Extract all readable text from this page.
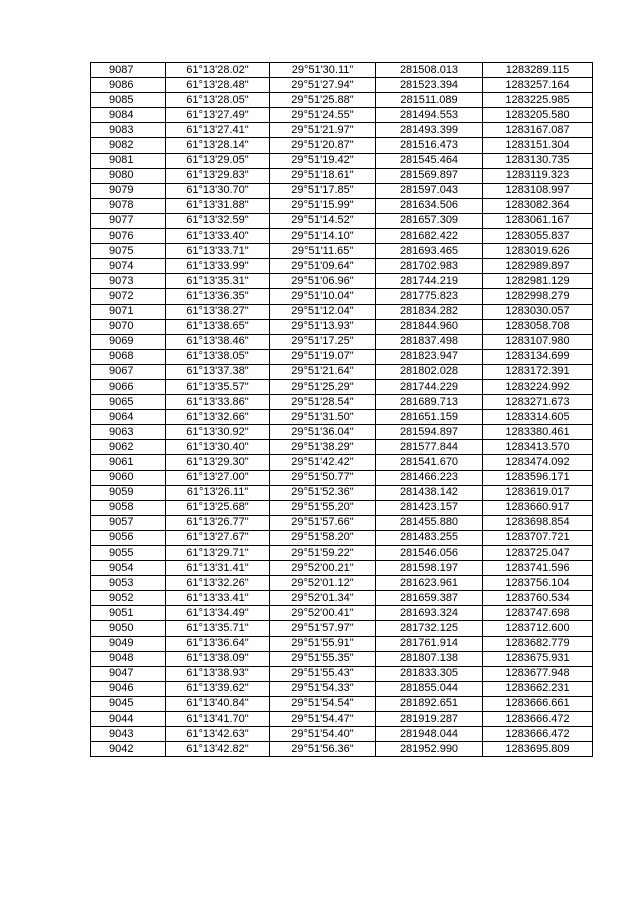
9087	61°13'28.02"	29°51'30.11"	281508.013	1283289.115
9086	61°13'28.48"	29°51'27.94"	281523.394	1283257.164
9085	61°13'28.05"	29°51'25.88"	281511.089	1283225.985
9084	61°13'27.49"	29°51'24.55"	281494.553	1283205.580
9083	61°13'27.41"	29°51'21.97"	281493.399	1283167.087
9082	61°13'28.14"	29°51'20.87"	281516.473	1283151.304
9081	61°13'29.05"	29°51'19.42"	281545.464	1283130.735
9080	61°13'29.83"	29°51'18.61"	281569.897	1283119.323
9079	61°13'30.70"	29°51'17.85"	281597.043	1283108.997
9078	61°13'31.88"	29°51'15.99"	281634.506	1283082.364
9077	61°13'32.59"	29°51'14.52"	281657.309	1283061.167
9076	61°13'33.40"	29°51'14.10"	281682.422	1283055.837
9075	61°13'33.71"	29°51'11.65"	281693.465	1283019.626
9074	61°13'33.99"	29°51'09.64"	281702.983	1282989.897
9073	61°13'35.31"	29°51'06.96"	281744.219	1282981.129
9072	61°13'36.35"	29°51'10.04"	281775.823	1282998.279
9071	61°13'38.27"	29°51'12.04"	281834.282	1283030.057
9070	61°13'38.65"	29°51'13.93"	281844.960	1283058.708
9069	61°13'38.46"	29°51'17.25"	281837.498	1283107.980
9068	61°13'38.05"	29°51'19.07"	281823.947	1283134.699
9067	61°13'37.38"	29°51'21.64"	281802.028	1283172.391
9066	61°13'35.57"	29°51'25.29"	281744.229	1283224.992
9065	61°13'33.86"	29°51'28.54"	281689.713	1283271.673
9064	61°13'32.66"	29°51'31.50"	281651.159	1283314.605
9063	61°13'30.92"	29°51'36.04"	281594.897	1283380.461
9062	61°13'30.40"	29°51'38.29"	281577.844	1283413.570
9061	61°13'29.30"	29°51'42.42"	281541.670	1283474.092
9060	61°13'27.00"	29°51'50.77"	281466.223	1283596.171
9059	61°13'26.11"	29°51'52.36"	281438.142	1283619.017
9058	61°13'25.68"	29°51'55.20"	281423.157	1283660.917
9057	61°13'26.77"	29°51'57.66"	281455.880	1283698.854
9056	61°13'27.67"	29°51'58.20"	281483.255	1283707.721
9055	61°13'29.71"	29°51'59.22"	281546.056	1283725.047
9054	61°13'31.41"	29°52'00.21"	281598.197	1283741.596
9053	61°13'32.26"	29°52'01.12"	281623.961	1283756.104
9052	61°13'33.41"	29°52'01.34"	281659.387	1283760.534
9051	61°13'34.49"	29°52'00.41"	281693.324	1283747.698
9050	61°13'35.71"	29°51'57.97"	281732.125	1283712.600
9049	61°13'36.64"	29°51'55.91"	281761.914	1283682.779
9048	61°13'38.09"	29°51'55.35"	281807.138	1283675.931
9047	61°13'38.93"	29°51'55.43"	281833.305	1283677.948
9046	61°13'39.62"	29°51'54.33"	281855.044	1283662.231
9045	61°13'40.84"	29°51'54.54"	281892.651	1283666.661
9044	61°13'41.70"	29°51'54.47"	281919.287	1283666.472
9043	61°13'42.63"	29°51'54.40"	281948.044	1283666.472
9042	61°13'42.82"	29°51'56.36"	281952.990	1283695.809
